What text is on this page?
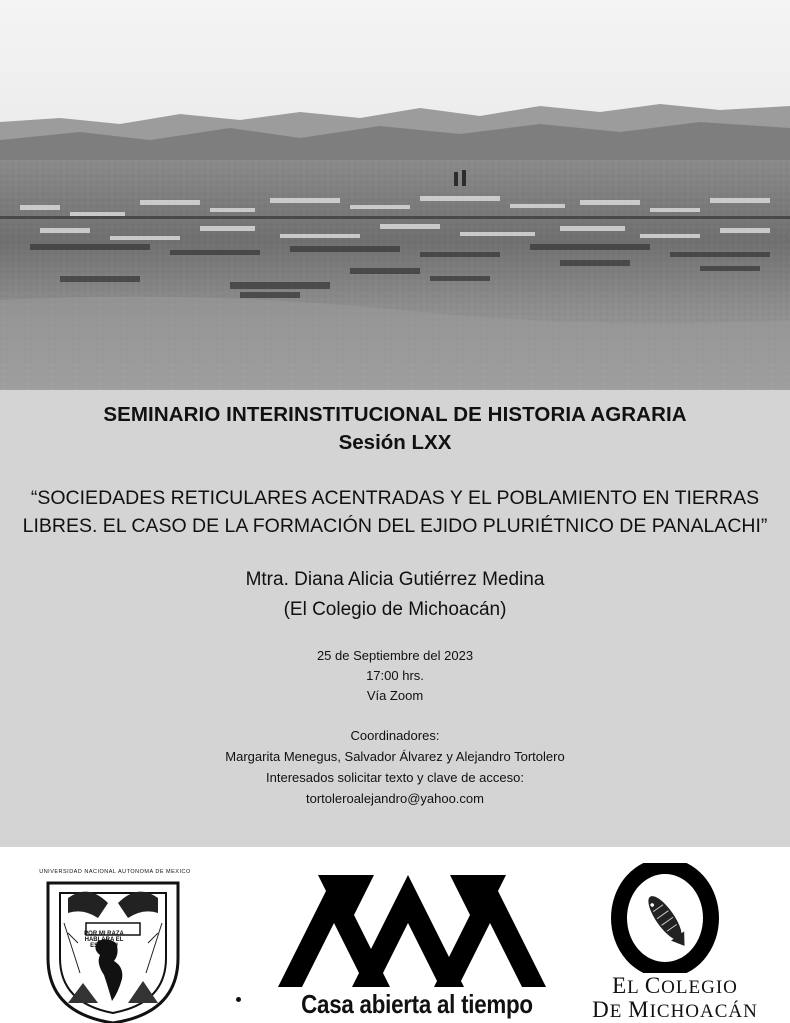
SEMINARIO INTERINSTITUCIONAL DE HISTORIA AGRARIA
Sesión LXX
“SOCIEDADES RETICULARES ACENTRADAS Y EL POBLAMIENTO EN TIERRAS
LIBRES. EL CASO DE LA FORMACIÓN DEL EJIDO PLURIÉTNICO DE PANALACHI”
Mtra. Diana Alicia Gutiérrez Medina
(El Colegio de Michoacán)
25 de Septiembre del 2023
17:00 hrs.
Vía Zoom
Coordinadores:
Margarita Menegus, Salvador Álvarez y Alejandro Tortolero
Interesados solicitar texto y clave de acceso:
tortoleroalejandro@yahoo.com
POR MI RAZA HABLARA EL ESPIRITU
UNIVERSIDAD NACIONAL AUTONOMA DE MEXICO
Casa abierta al tiempo
EL COLEGIO
DE MICHOACÁN
